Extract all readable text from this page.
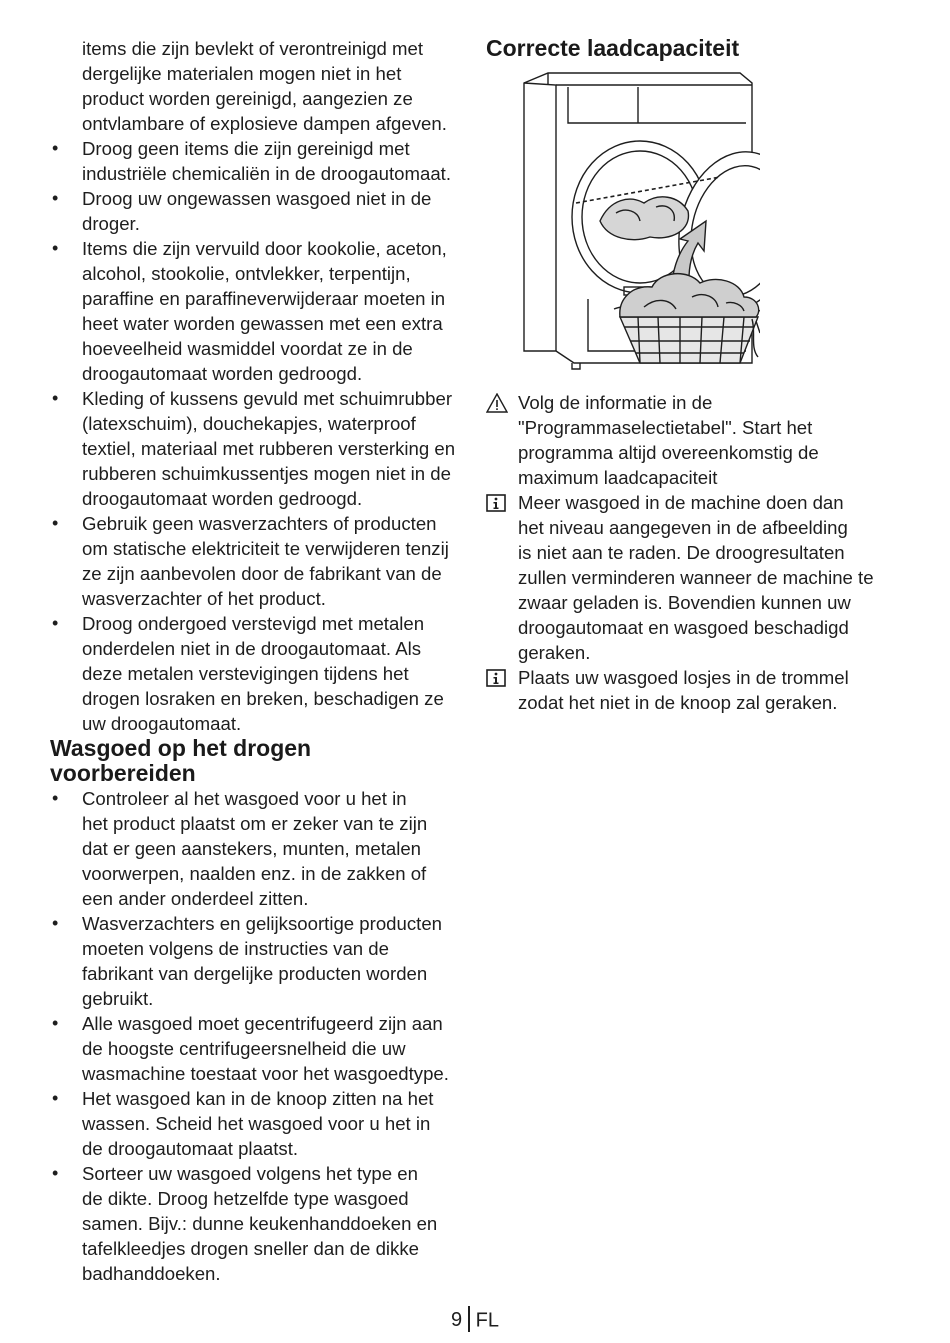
items die zijn bevlekt of verontreinigd met

dergelijke materialen mogen niet in het

product worden gereinigd, aangezien ze

ontvlambare of explosieve dampen afgeven.

• Droog geen items die zijn gereinigd met
industriële chemicaliën in de droogautomaat.
• Droog uw ongewassen wasgoed niet in de
droger.
• Items die zijn vervuild door kookolie, aceton,
alcohol, stookolie, ontvlekker, terpentijn,
paraffine en paraffineverwijderaar moeten in
heet water worden gewassen met een extra
hoeveelheid wasmiddel voordat ze in de
droogautomaat worden gedroogd.
• Kleding of kussens gevuld met schuimrubber
(latexschuim), douchekapjes, waterproof
textiel, materiaal met rubberen versterking en
rubberen schuimkussentjes mogen niet in de
droogautomaat worden gedroogd.
• Gebruik geen wasverzachters of producten
om statische elektriciteit te verwijderen tenzij
ze zijn aanbevolen door de fabrikant van de
wasverzachter of het product.
• Droog ondergoed verstevigd met metalen
onderdelen niet in de droogautomaat. Als
deze metalen verstevigingen tijdens het
drogen losraken en breken, beschadigen ze
uw droogautomaat.
Wasgoed op het drogen
voorbereiden
• Controleer al het wasgoed voor u het in
het product plaatst om er zeker van te zijn
dat er geen aanstekers, munten, metalen
voorwerpen, naalden enz. in de zakken of
een ander onderdeel zitten.
• Wasverzachters en gelijksoortige producten
moeten volgens de instructies van de
fabrikant van dergelijke producten worden
gebruikt.
• Alle wasgoed moet gecentrifugeerd zijn aan
de hoogste centrifugeersnelheid die uw
wasmachine toestaat voor het wasgoedtype.
• Het wasgoed kan in de knoop zitten na het
wassen. Scheid het wasgoed voor u het in
de droogautomaat plaatst.
• Sorteer uw wasgoed volgens het type en
de dikte. Droog hetzelfde type wasgoed
samen. Bijv.: dunne keukenhanddoeken en
tafelkleedjes drogen sneller dan de dikke
badhanddoeken.
Correcte laadcapaciteit
Volg de informatie in de
"Programmaselectietabel". Start het
programma altijd overeenkomstig de
maximum laadcapaciteit
Meer wasgoed in de machine doen dan
het niveau aangegeven in de afbeelding
is niet aan te raden. De droogresultaten
zullen verminderen wanneer de machine te
zwaar geladen is. Bovendien kunnen uw
droogautomaat en wasgoed beschadigd
geraken.
Plaats uw wasgoed losjes in de trommel
zodat het niet in de knoop zal geraken.
9 FL
